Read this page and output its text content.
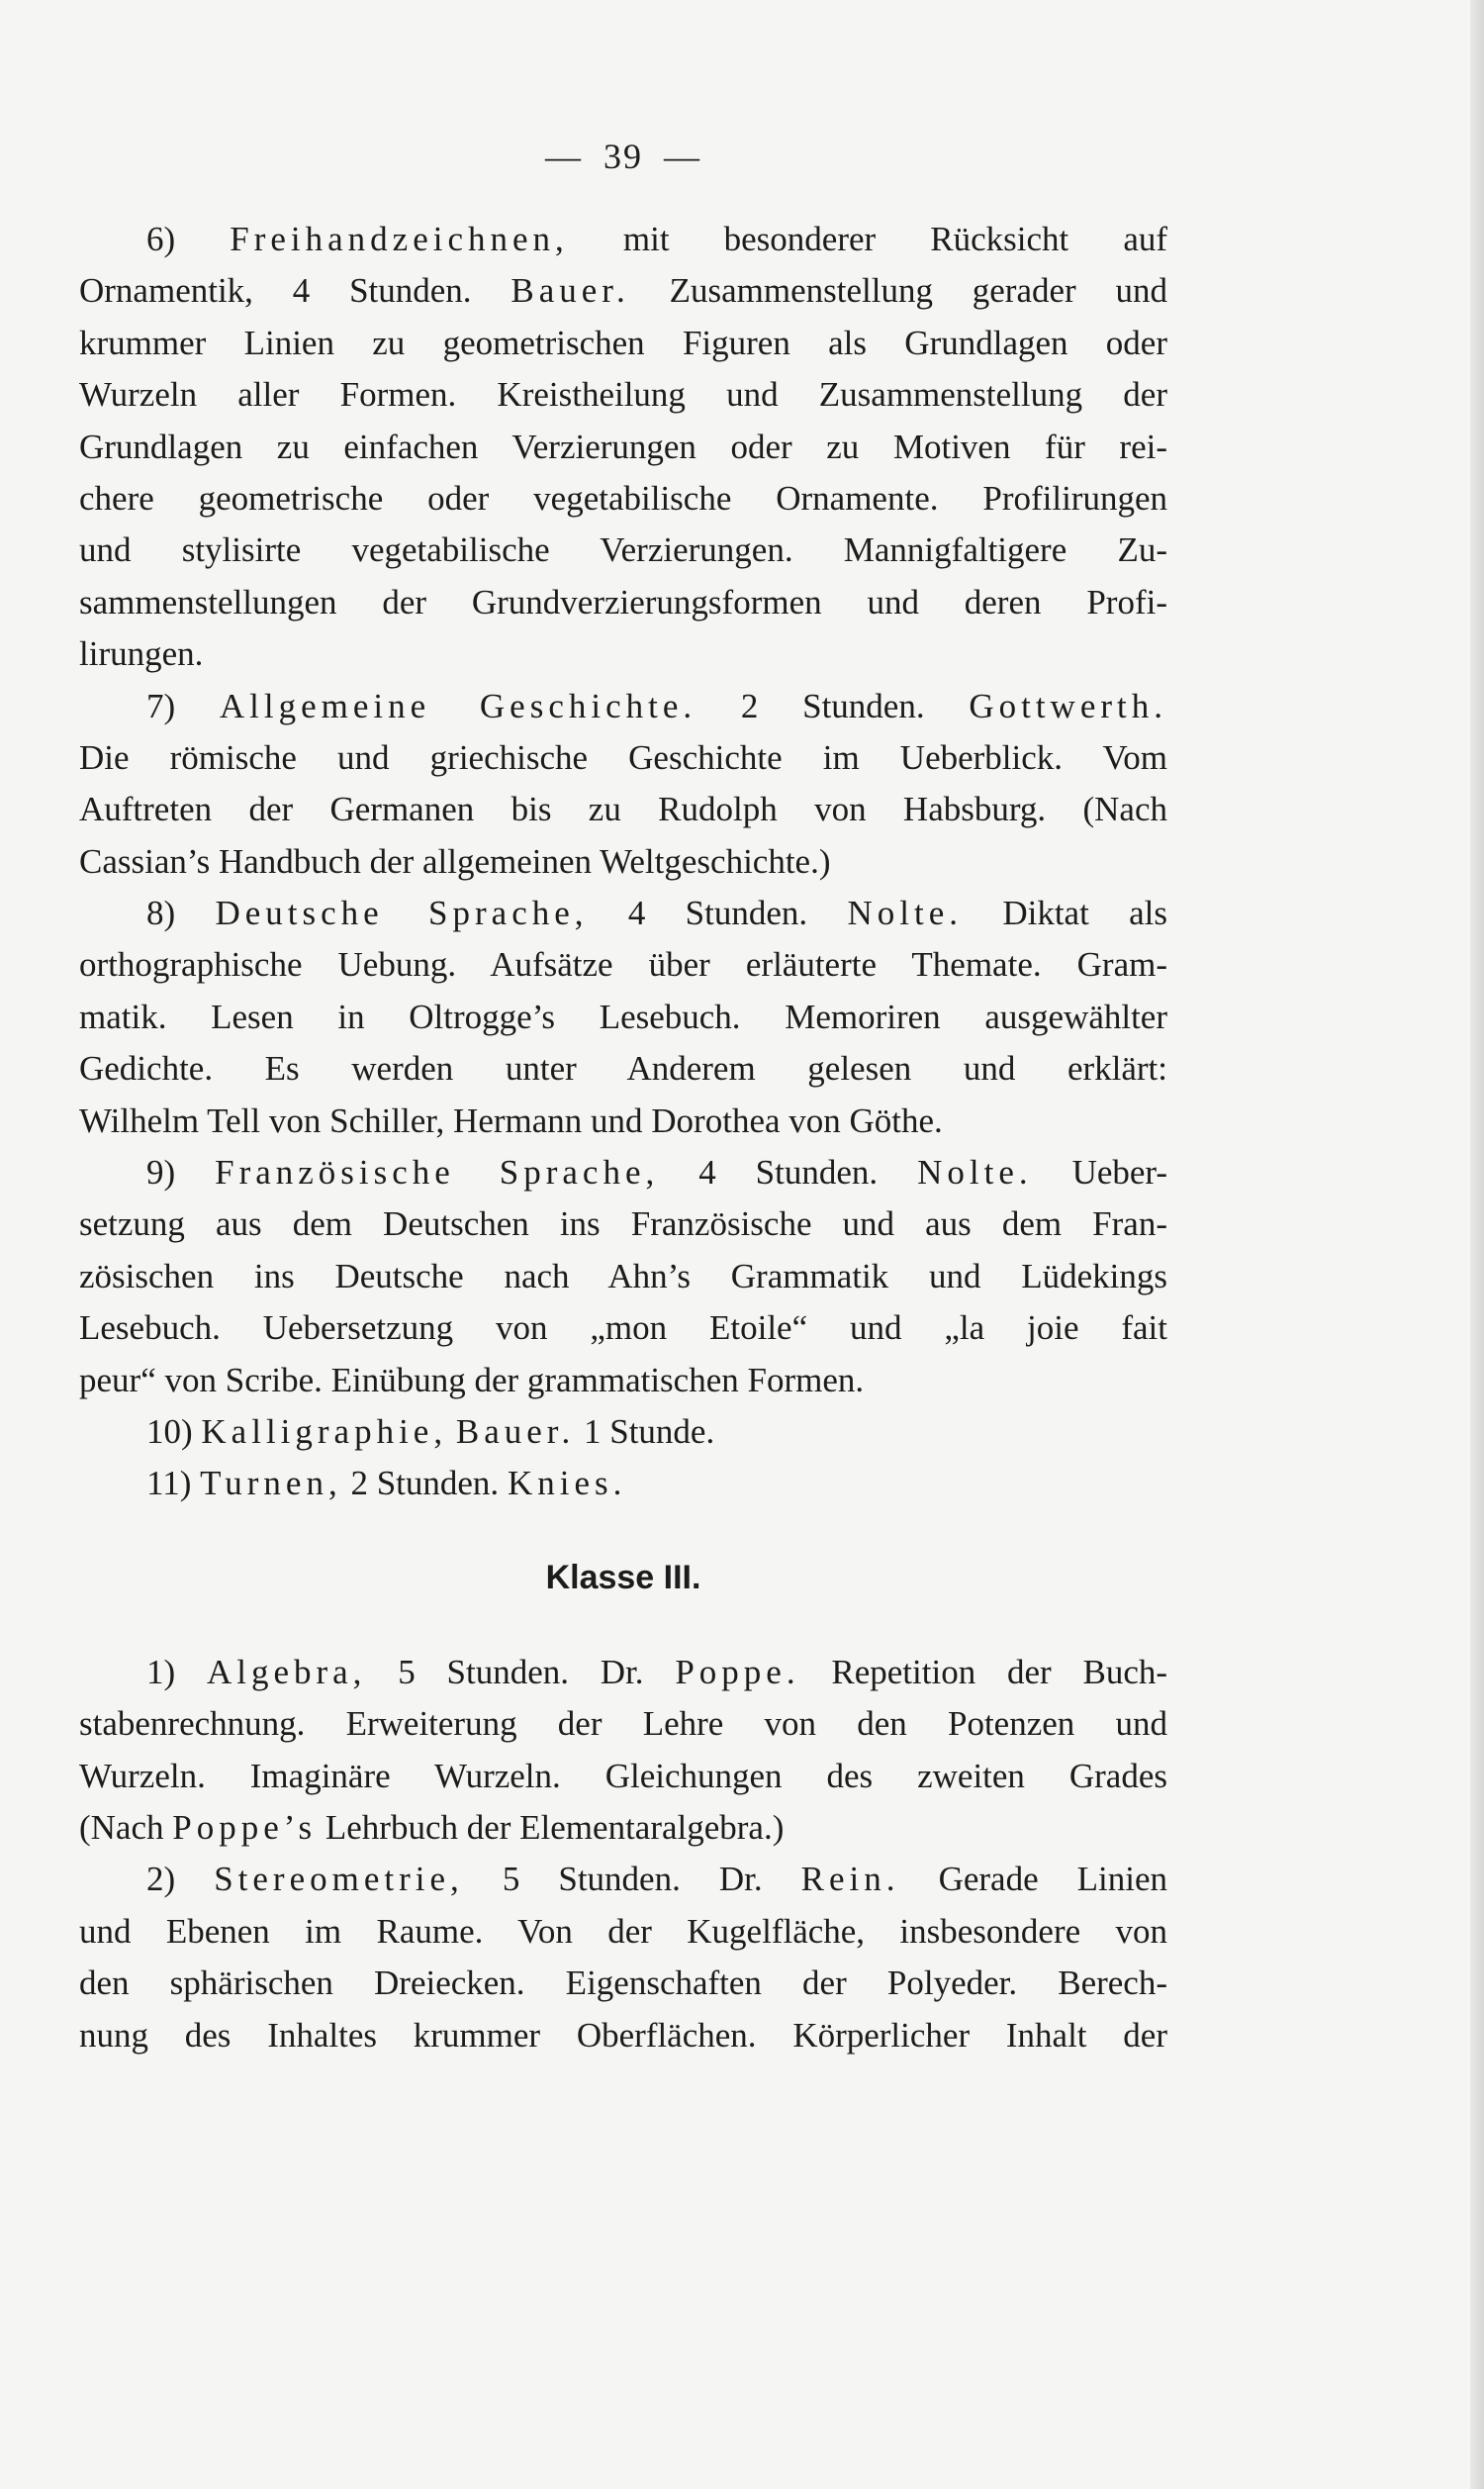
— 39 —
6) Freihandzeichnen, mit besonderer Rücksicht auf
Ornamentik, 4 Stunden. Bauer. Zusammenstellung gerader und
krummer Linien zu geometrischen Figuren als Grundlagen oder
Wurzeln aller Formen. Kreistheilung und Zusammenstellung der
Grundlagen zu einfachen Verzierungen oder zu Motiven für rei-
chere geometrische oder vegetabilische Ornamente. Profilirungen
und stylisirte vegetabilische Verzierungen. Mannigfaltigere Zu-
sammenstellungen der Grundverzierungsformen und deren Profi-
lirungen.
7) Allgemeine Geschichte. 2 Stunden. Gottwerth.
Die römische und griechische Geschichte im Ueberblick. Vom
Auftreten der Germanen bis zu Rudolph von Habsburg. (Nach
Cassian’s Handbuch der allgemeinen Weltgeschichte.)
8) Deutsche Sprache, 4 Stunden. Nolte. Diktat als
orthographische Uebung. Aufsätze über erläuterte Themate. Gram-
matik. Lesen in Oltrogge’s Lesebuch. Memoriren ausgewählter
Gedichte. Es werden unter Anderem gelesen und erklärt:
Wilhelm Tell von Schiller, Hermann und Dorothea von Göthe.
9) Französische Sprache, 4 Stunden. Nolte. Ueber-
setzung aus dem Deutschen ins Französische und aus dem Fran-
zösischen ins Deutsche nach Ahn’s Grammatik und Lüdekings
Lesebuch. Uebersetzung von „mon Etoile“ und „la joie fait
peur“ von Scribe. Einübung der grammatischen Formen.
10) Kalligraphie, Bauer. 1 Stunde.
11) Turnen, 2 Stunden. Knies.
Klasse III.
1) Algebra, 5 Stunden. Dr. Poppe. Repetition der Buch-
stabenrechnung. Erweiterung der Lehre von den Potenzen und
Wurzeln. Imaginäre Wurzeln. Gleichungen des zweiten Grades
(Nach Poppe’s Lehrbuch der Elementaralgebra.)
2) Stereometrie, 5 Stunden. Dr. Rein. Gerade Linien
und Ebenen im Raume. Von der Kugelfläche, insbesondere von
den sphärischen Dreiecken. Eigenschaften der Polyeder. Berech-
nung des Inhaltes krummer Oberflächen. Körperlicher Inhalt der
